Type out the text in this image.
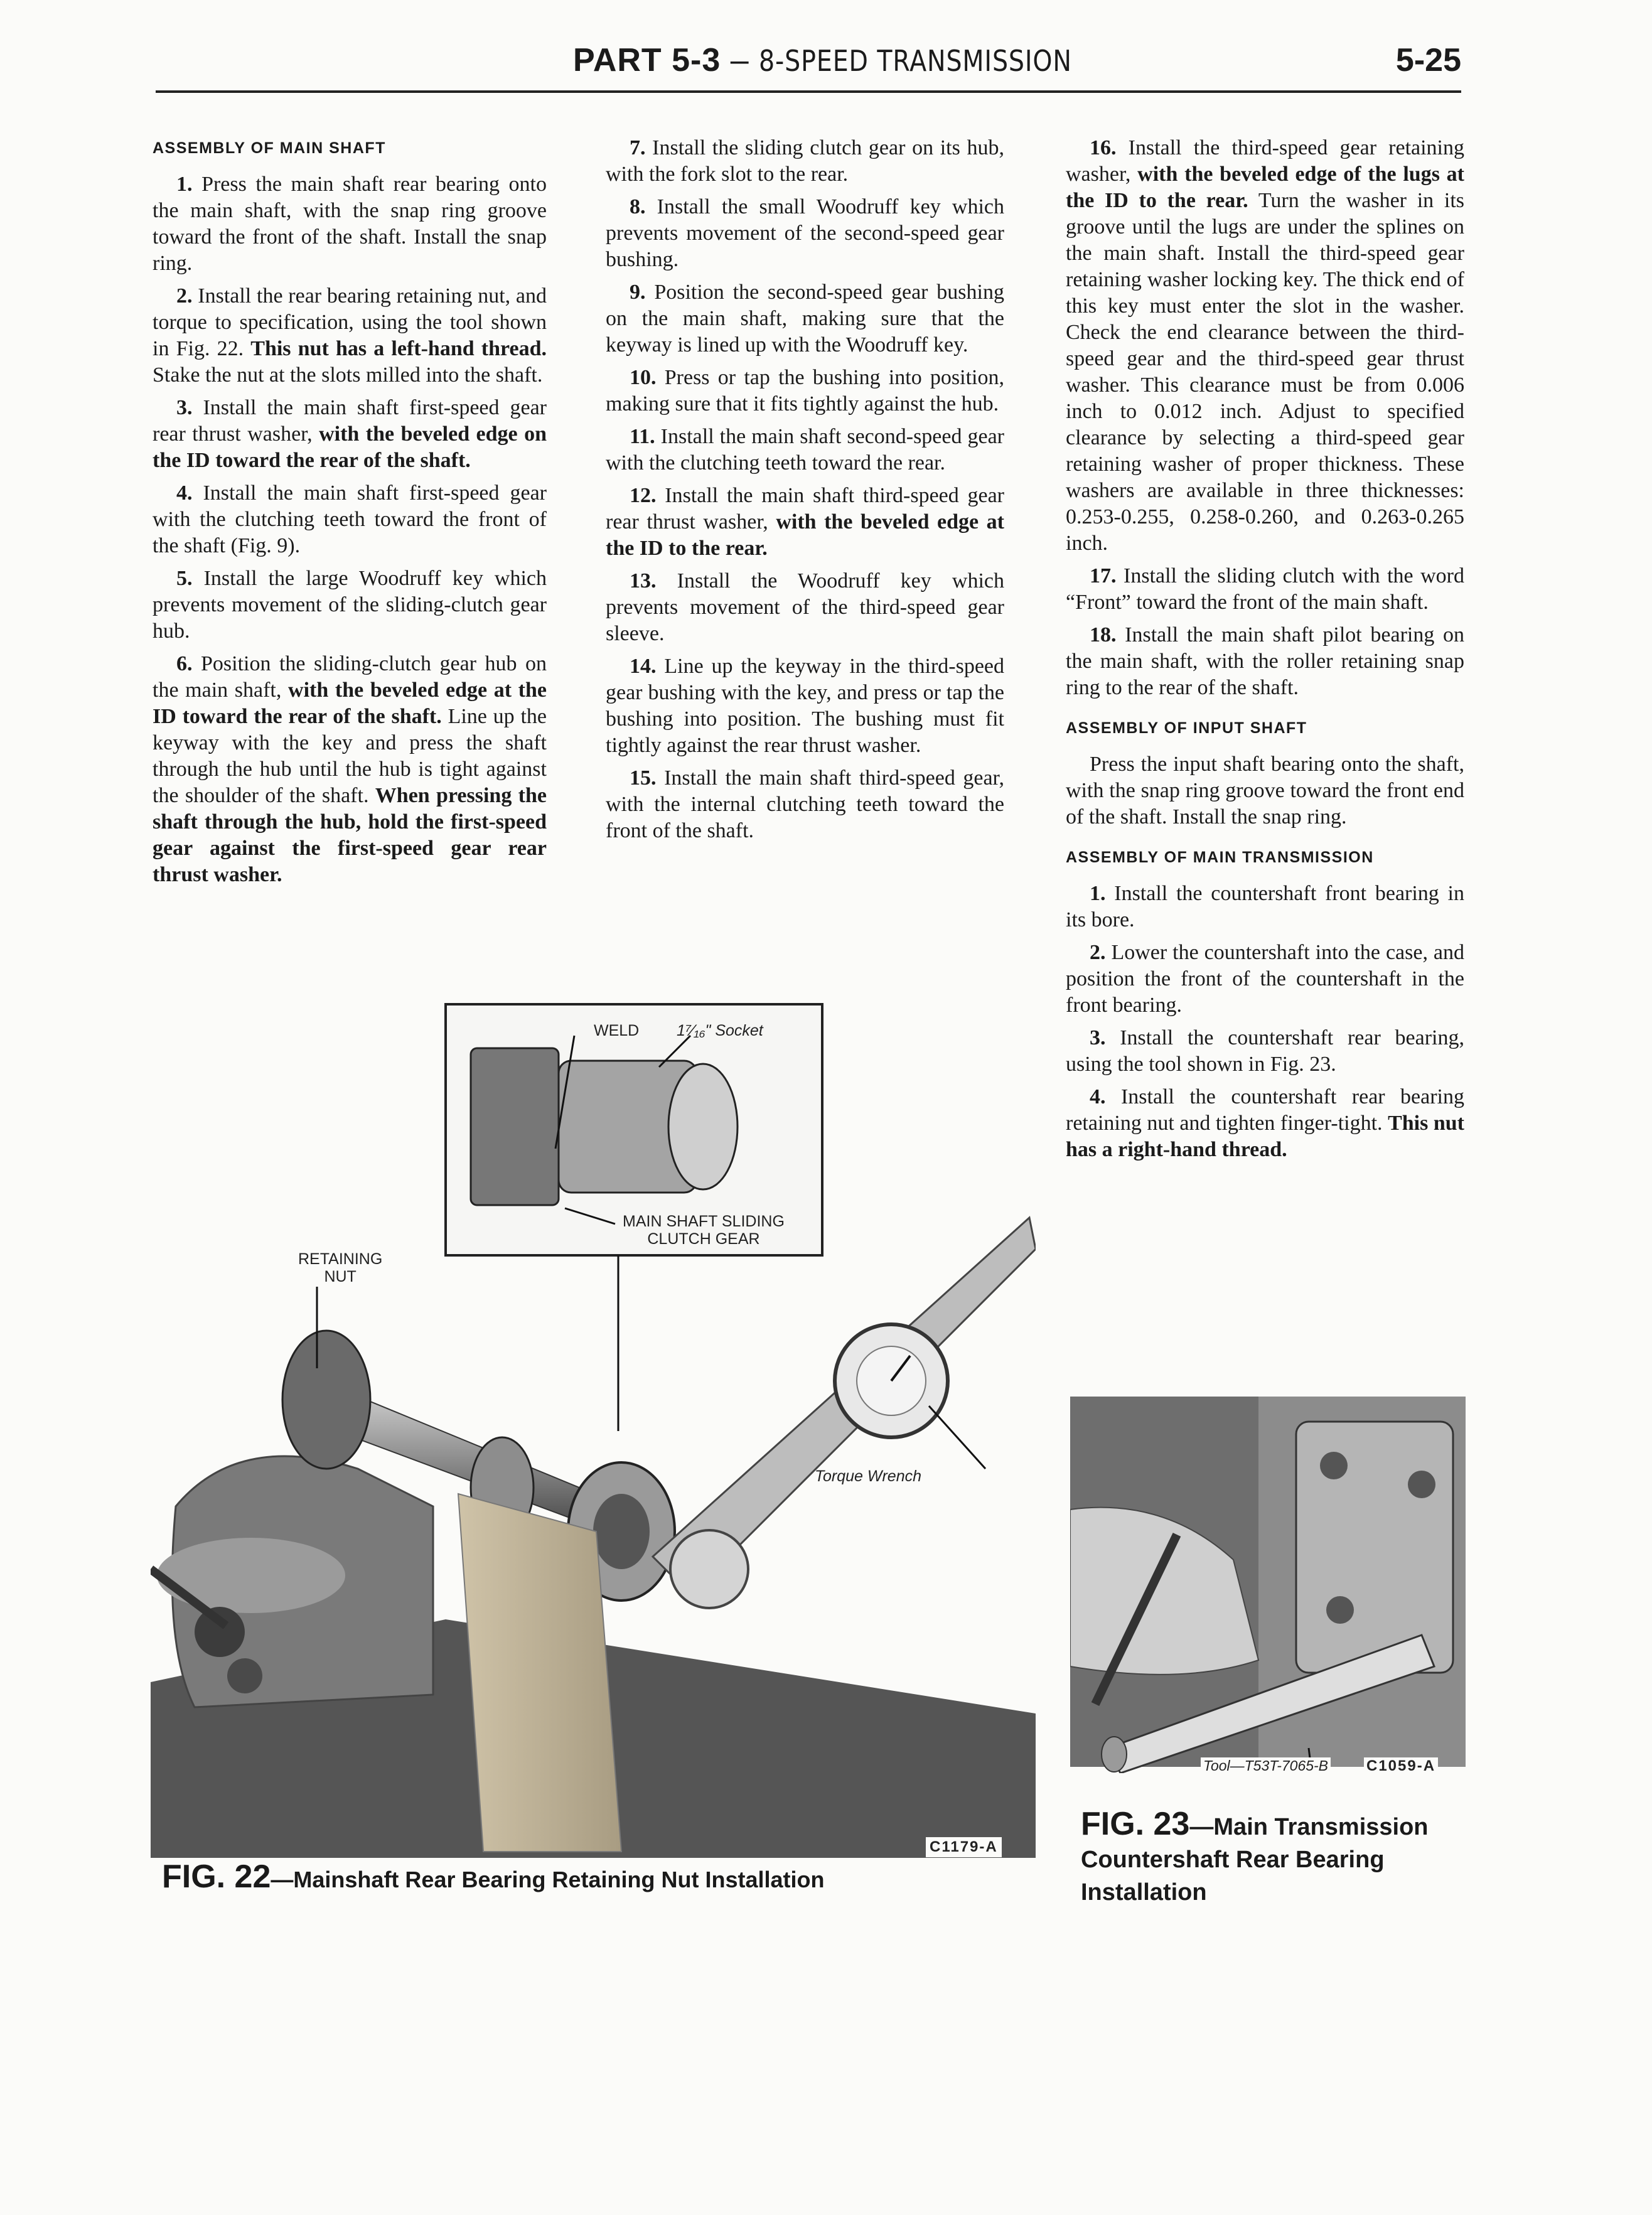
PART 5-3 – 8-SPEED TRANSMISSION	5-25
ASSEMBLY OF MAIN SHAFT

1. Press the main shaft rear bearing onto the main shaft, with the snap ring groove toward the front of the shaft. Install the snap ring.

2. Install the rear bearing retaining nut, and torque to specification, using the tool shown in Fig. 22. This nut has a left-hand thread. Stake the nut at the slots milled into the shaft.

3. Install the main shaft first-speed gear rear thrust washer, with the beveled edge on the ID toward the rear of the shaft.

4. Install the main shaft first-speed gear with the clutching teeth toward the front of the shaft (Fig. 9).

5. Install the large Woodruff key which prevents movement of the sliding-clutch gear hub.

6. Position the sliding-clutch gear hub on the main shaft, with the beveled edge at the ID toward the rear of the shaft. Line up the keyway with the key and press the shaft through the hub until the hub is tight against the shoulder of the shaft. When pressing the shaft through the hub, hold the first-speed gear against the first-speed gear rear thrust washer.

7. Install the sliding clutch gear on its hub, with the fork slot to the rear.

8. Install the small Woodruff key which prevents movement of the second-speed gear bushing.

9. Position the second-speed gear bushing on the main shaft, making sure that the keyway is lined up with the Woodruff key.

10. Press or tap the bushing into position, making sure that it fits tightly against the hub.

11. Install the main shaft second-speed gear with the clutching teeth toward the rear.

12. Install the main shaft third-speed gear rear thrust washer, with the beveled edge at the ID to the rear.

13. Install the Woodruff key which prevents movement of the third-speed gear sleeve.

14. Line up the keyway in the third-speed gear bushing with the key, and press or tap the bushing into position. The bushing must fit tightly against the rear thrust washer.

15. Install the main shaft third-speed gear, with the internal clutching teeth toward the front of the shaft.

16. Install the third-speed gear retaining washer, with the beveled edge of the lugs at the ID to the rear. Turn the washer in its groove until the lugs are under the splines on the main shaft. Install the third-speed gear retaining washer locking key. The thick end of this key must enter the slot in the washer. Check the end clearance between the third-speed gear and the third-speed gear thrust washer. This clearance must be from 0.006 inch to 0.012 inch. Adjust to specified clearance by selecting a third-speed gear retaining washer of proper thickness. These washers are available in three thicknesses: 0.253-0.255, 0.258-0.260, and 0.263-0.265 inch.

17. Install the sliding clutch with the word “Front” toward the front of the main shaft.

18. Install the main shaft pilot bearing on the main shaft, with the roller retaining snap ring to the rear of the shaft.

ASSEMBLY OF INPUT SHAFT

Press the input shaft bearing onto the shaft, with the snap ring groove toward the front end of the shaft. Install the snap ring.

ASSEMBLY OF MAIN TRANSMISSION

1. Install the countershaft front bearing in its bore.

2. Lower the countershaft into the case, and position the front of the countershaft in the front bearing.

3. Install the countershaft rear bearing, using the tool shown in Fig. 23.

4. Install the countershaft rear bearing retaining nut and tighten finger-tight. This nut has a right-hand thread.

WELD 1⁷⁄₁₆" Socket
MAIN SHAFT SLIDING
CLUTCH GEAR
RETAINING
NUT
Torque Wrench
C1179-A
FIG. 22—Mainshaft Rear Bearing Retaining Nut Installation
Tool—T53T-7065-B	C1059-A
FIG. 23—Main Transmission
Countershaft Rear Bearing
Installation
